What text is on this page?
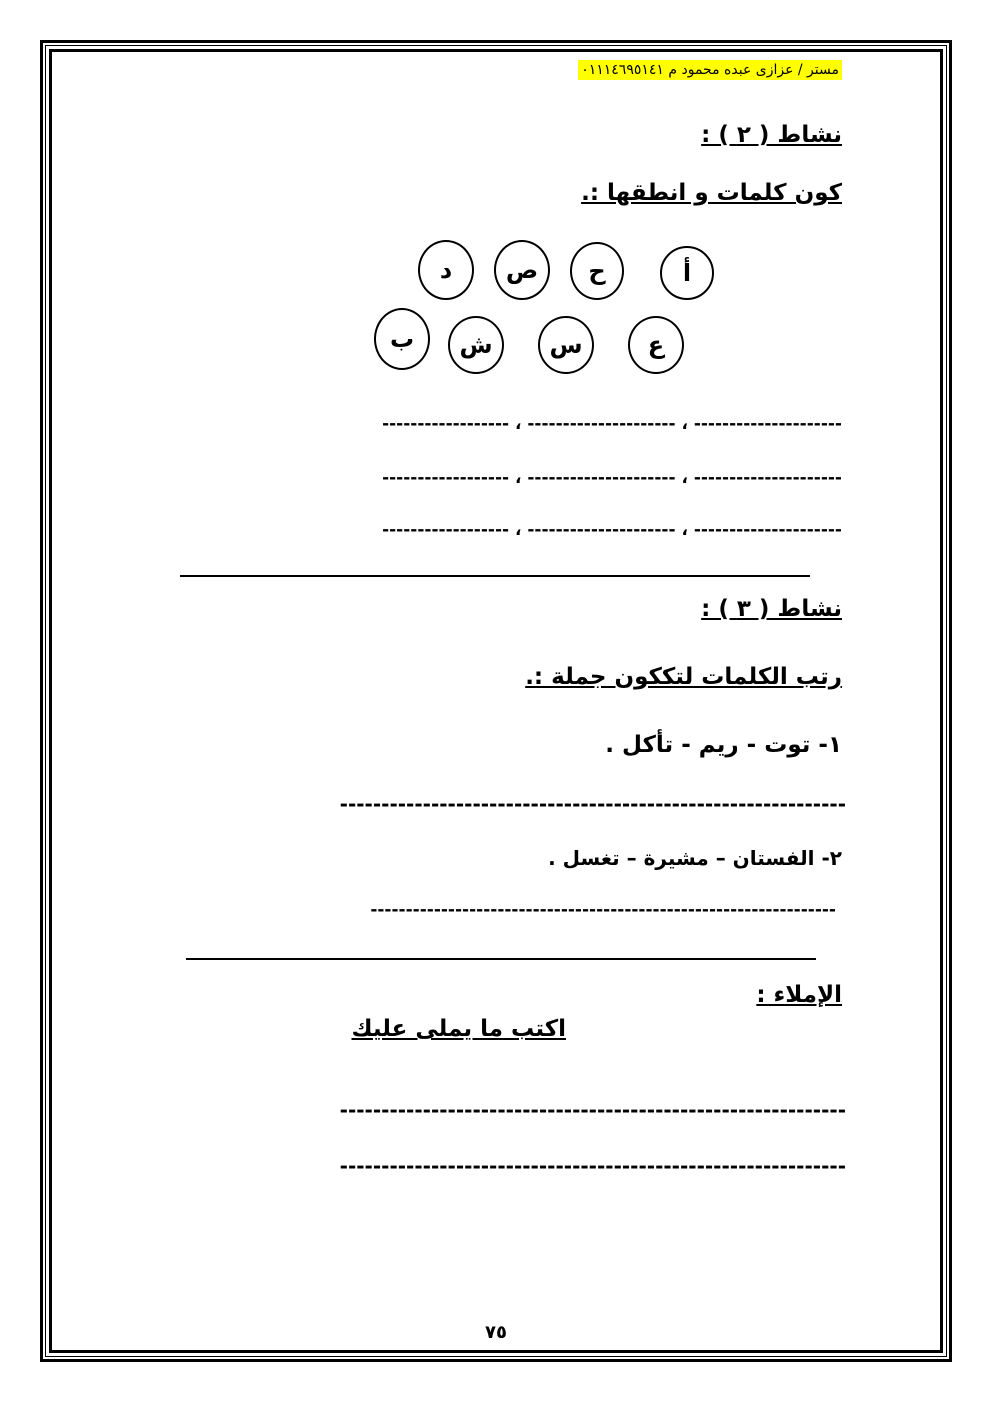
مستر / عزازى عبده محمود م ٠١١١٤٦٩٥١٤١
نشاط ( ٢ ) :
كون كلمات و انطقها :.
أ
ح
ص
د
ع
س
ش
ب
------------------ ، --------------------- ، ---------------------
------------------ ، --------------------- ، ---------------------
------------------ ، --------------------- ، ---------------------
نشاط ( ٣ ) :
رتب الكلمات لتككون جملة :.
١- توت - ريم - تأكل .
-------------------------------------------------------------
٢- الفستان – مشيرة – تغسل .
------------------------------------------------------------------
الإملاء :
اكتب ما يملى عليك
-------------------------------------------------------------
-------------------------------------------------------------
٧٥
